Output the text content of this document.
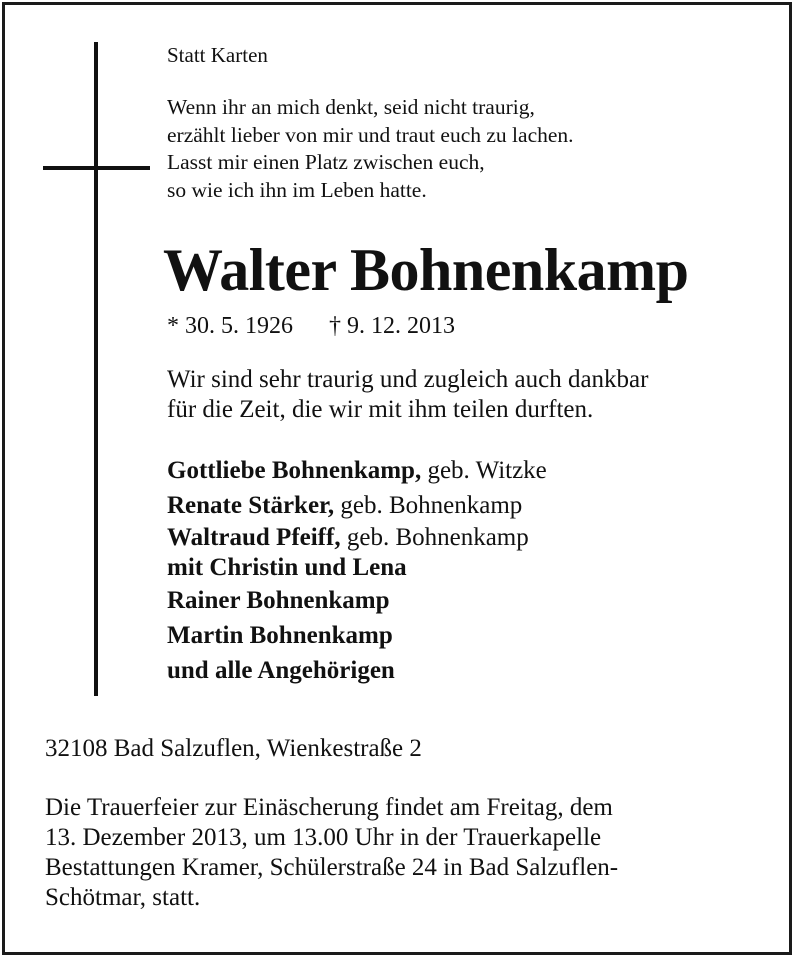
Statt Karten
Wenn ihr an mich denkt, seid nicht traurig,
erzählt lieber von mir und traut euch zu lachen.
Lasst mir einen Platz zwischen euch,
so wie ich ihn im Leben hatte.
Walter Bohnenkamp
* 30. 5. 1926 † 9. 12. 2013
Wir sind sehr traurig und zugleich auch dankbar
für die Zeit, die wir mit ihm teilen durften.
Gottliebe Bohnenkamp, geb. Witzke
Renate Stärker, geb. Bohnenkamp
Waltraud Pfeiff, geb. Bohnenkamp
mit Christin und Lena
Rainer Bohnenkamp
Martin Bohnenkamp
und alle Angehörigen
32108 Bad Salzuflen, Wienkestraße 2
Die Trauerfeier zur Einäscherung findet am Freitag, dem
13. Dezember 2013, um 13.00 Uhr in der Trauerkapelle
Bestattungen Kramer, Schülerstraße 24 in Bad Salzuflen-
Schötmar, statt.
